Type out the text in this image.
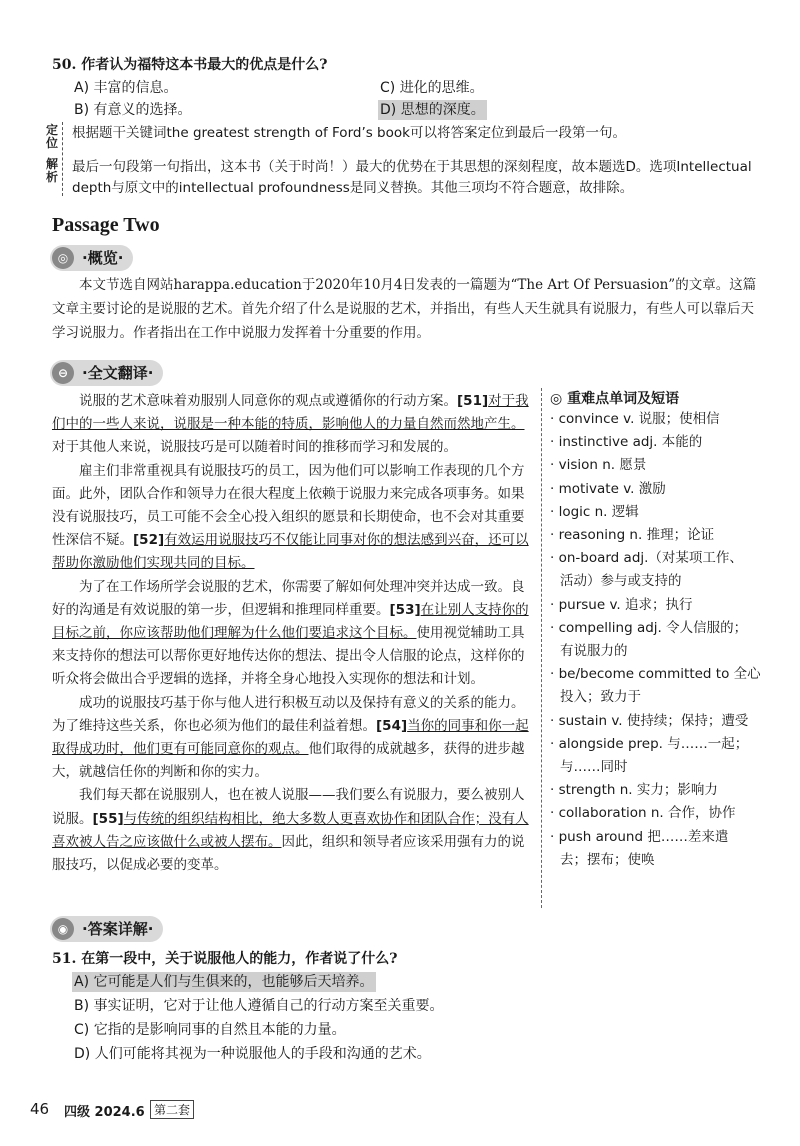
50. 作者认为福特这本书最大的优点是什么?
A) 丰富的信息。	C) 进化的思维。
B) 有意义的选择。	D) 思想的深度。
定位
解析
根据题干关键词the greatest strength of Ford’s book可以将答案定位到最后一段第一句。
最后一句段第一句指出，这本书（关于时尚！）最大的优势在于其思想的深刻程度，故本题选D。选项Intellectual depth与原文中的intellectual profoundness是同义替换。其他三项均不符合题意，故排除。
Passage Two
◎ ·概览·
本文节选自网站harappa.education于2020年10月4日发表的一篇题为“The Art Of Persuasion”的文章。这篇文章主要讨论的是说服的艺术。首先介绍了什么是说服的艺术，并指出，有些人天生就具有说服力，有些人可以靠后天学习说服力。作者指出在工作中说服力发挥着十分重要的作用。
⊖ ·全文翻译·

说服的艺术意味着劝服别人同意你的观点或遵循你的行动方案。[51]对于我们中的一些人来说，说服是一种本能的特质，影响他人的力量自然而然地产生。对于其他人来说，说服技巧是可以随着时间的推移而学习和发展的。

雇主们非常重视具有说服技巧的员工，因为他们可以影响工作表现的几个方面。此外，团队合作和领导力在很大程度上依赖于说服力来完成各项事务。如果没有说服技巧，员工可能不会全心投入组织的愿景和长期使命，也不会对其重要性深信不疑。[52]有效运用说服技巧不仅能让同事对你的想法感到兴奋，还可以帮助你激励他们实现共同的目标。

为了在工作场所学会说服的艺术，你需要了解如何处理冲突并达成一致。良好的沟通是有效说服的第一步，但逻辑和推理同样重要。[53]在让别人支持你的目标之前，你应该帮助他们理解为什么他们要追求这个目标。使用视觉辅助工具来支持你的想法可以帮你更好地传达你的想法、提出令人信服的论点，这样你的听众将会做出合乎逻辑的选择，并将全身心地投入实现你的想法和计划。

成功的说服技巧基于你与他人进行积极互动以及保持有意义的关系的能力。为了维持这些关系，你也必须为他们的最佳利益着想。[54]当你的同事和你一起取得成功时，他们更有可能同意你的观点。他们取得的成就越多，获得的进步越大，就越信任你的判断和你的实力。

我们每天都在说服别人，也在被人说服——我们要么有说服力，要么被别人说服。[55]与传统的组织结构相比，绝大多数人更喜欢协作和团队合作；没有人喜欢被人告之应该做什么或被人摆布。因此，组织和领导者应该采用强有力的说服技巧，以促成必要的变革。

◎ 重难点单词及短语

· convince v. 说服；使相信

· instinctive adj. 本能的

· vision n. 愿景

· motivate v. 激励

· logic n. 逻辑

· reasoning n. 推理；论证

· on-board adj.（对某项工作、

活动）参与或支持的

· pursue v. 追求；执行

· compelling adj. 令人信服的；

有说服力的

· be/become committed to 全心

投入；致力于

· sustain v. 使持续；保持；遭受

· alongside prep. 与……一起；

与……同时

· strength n. 实力；影响力

· collaboration n. 合作，协作

· push around 把……差来遣

去；摆布；使唤

◉ ·答案详解·
51. 在第一段中，关于说服他人的能力，作者说了什么?
A) 它可能是人们与生俱来的，也能够后天培养。
B) 事实证明，它对于让他人遵循自己的行动方案至关重要。
C) 它指的是影响同事的自然且本能的力量。
D) 人们可能将其视为一种说服他人的手段和沟通的艺术。
46 四级 2024.6 第二套
